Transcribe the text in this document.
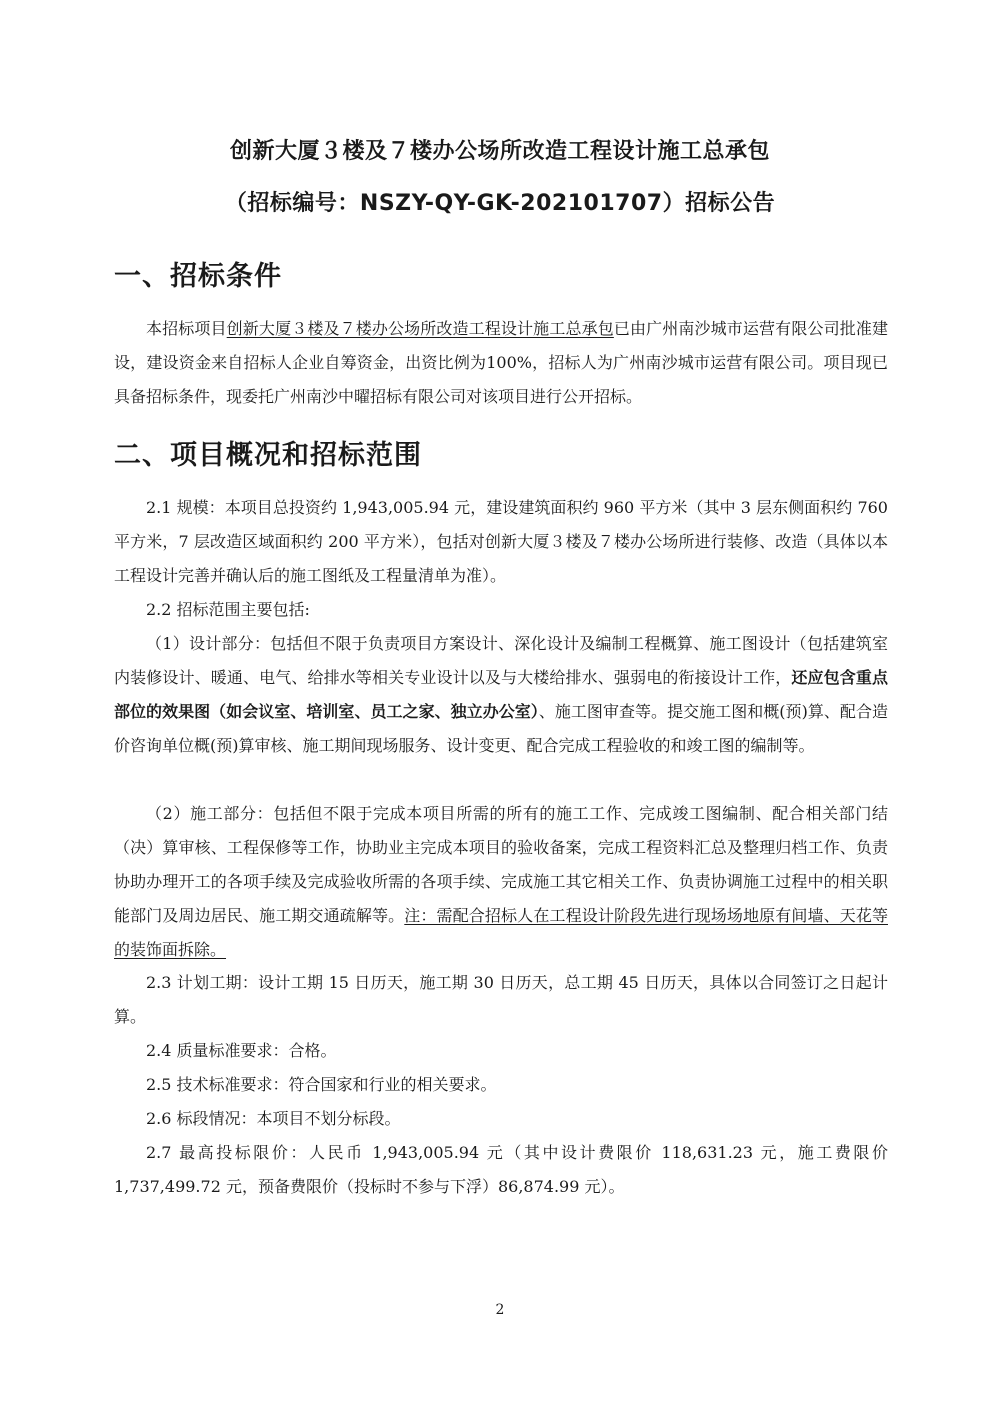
创新大厦３楼及７楼办公场所改造工程设计施工总承包
（招标编号：NSZY-QY-GK-202101707）招标公告
一、招标条件
本招标项目创新大厦３楼及７楼办公场所改造工程设计施工总承包已由广州南沙城市运营有限公司批准建设，建设资金来自招标人企业自筹资金，出资比例为100%，招标人为广州南沙城市运营有限公司。项目现已具备招标条件，现委托广州南沙中曜招标有限公司对该项目进行公开招标。
二、项目概况和招标范围
2.1 规模：本项目总投资约 1,943,005.94 元，建设建筑面积约 960 平方米（其中 3 层东侧面积约 760 平方米，7 层改造区域面积约 200 平方米），包括对创新大厦３楼及７楼办公场所进行装修、改造（具体以本工程设计完善并确认后的施工图纸及工程量清单为准）。
2.2 招标范围主要包括:
（1）设计部分：包括但不限于负责项目方案设计、深化设计及编制工程概算、施工图设计（包括建筑室内装修设计、暖通、电气、给排水等相关专业设计以及与大楼给排水、强弱电的衔接设计工作，还应包含重点部位的效果图（如会议室、培训室、员工之家、独立办公室）、施工图审查等。提交施工图和概(预)算、配合造价咨询单位概(预)算审核、施工期间现场服务、设计变更、配合完成工程验收的和竣工图的编制等。
（2）施工部分：包括但不限于完成本项目所需的所有的施工工作、完成竣工图编制、配合相关部门结（决）算审核、工程保修等工作，协助业主完成本项目的验收备案，完成工程资料汇总及整理归档工作、负责协助办理开工的各项手续及完成验收所需的各项手续、完成施工其它相关工作、负责协调施工过程中的相关职能部门及周边居民、施工期交通疏解等。注：需配合招标人在工程设计阶段先进行现场场地原有间墙、天花等的装饰面拆除。
2.3 计划工期：设计工期 15 日历天，施工期 30 日历天，总工期 45 日历天，具体以合同签订之日起计算。
2.4 质量标准要求：合格。
2.5 技术标准要求：符合国家和行业的相关要求。
2.6 标段情况：本项目不划分标段。
2.7 最高投标限价：人民币 1,943,005.94 元（其中设计费限价 118,631.23 元，施工费限价 1,737,499.72 元，预备费限价（投标时不参与下浮）86,874.99 元）。
2
